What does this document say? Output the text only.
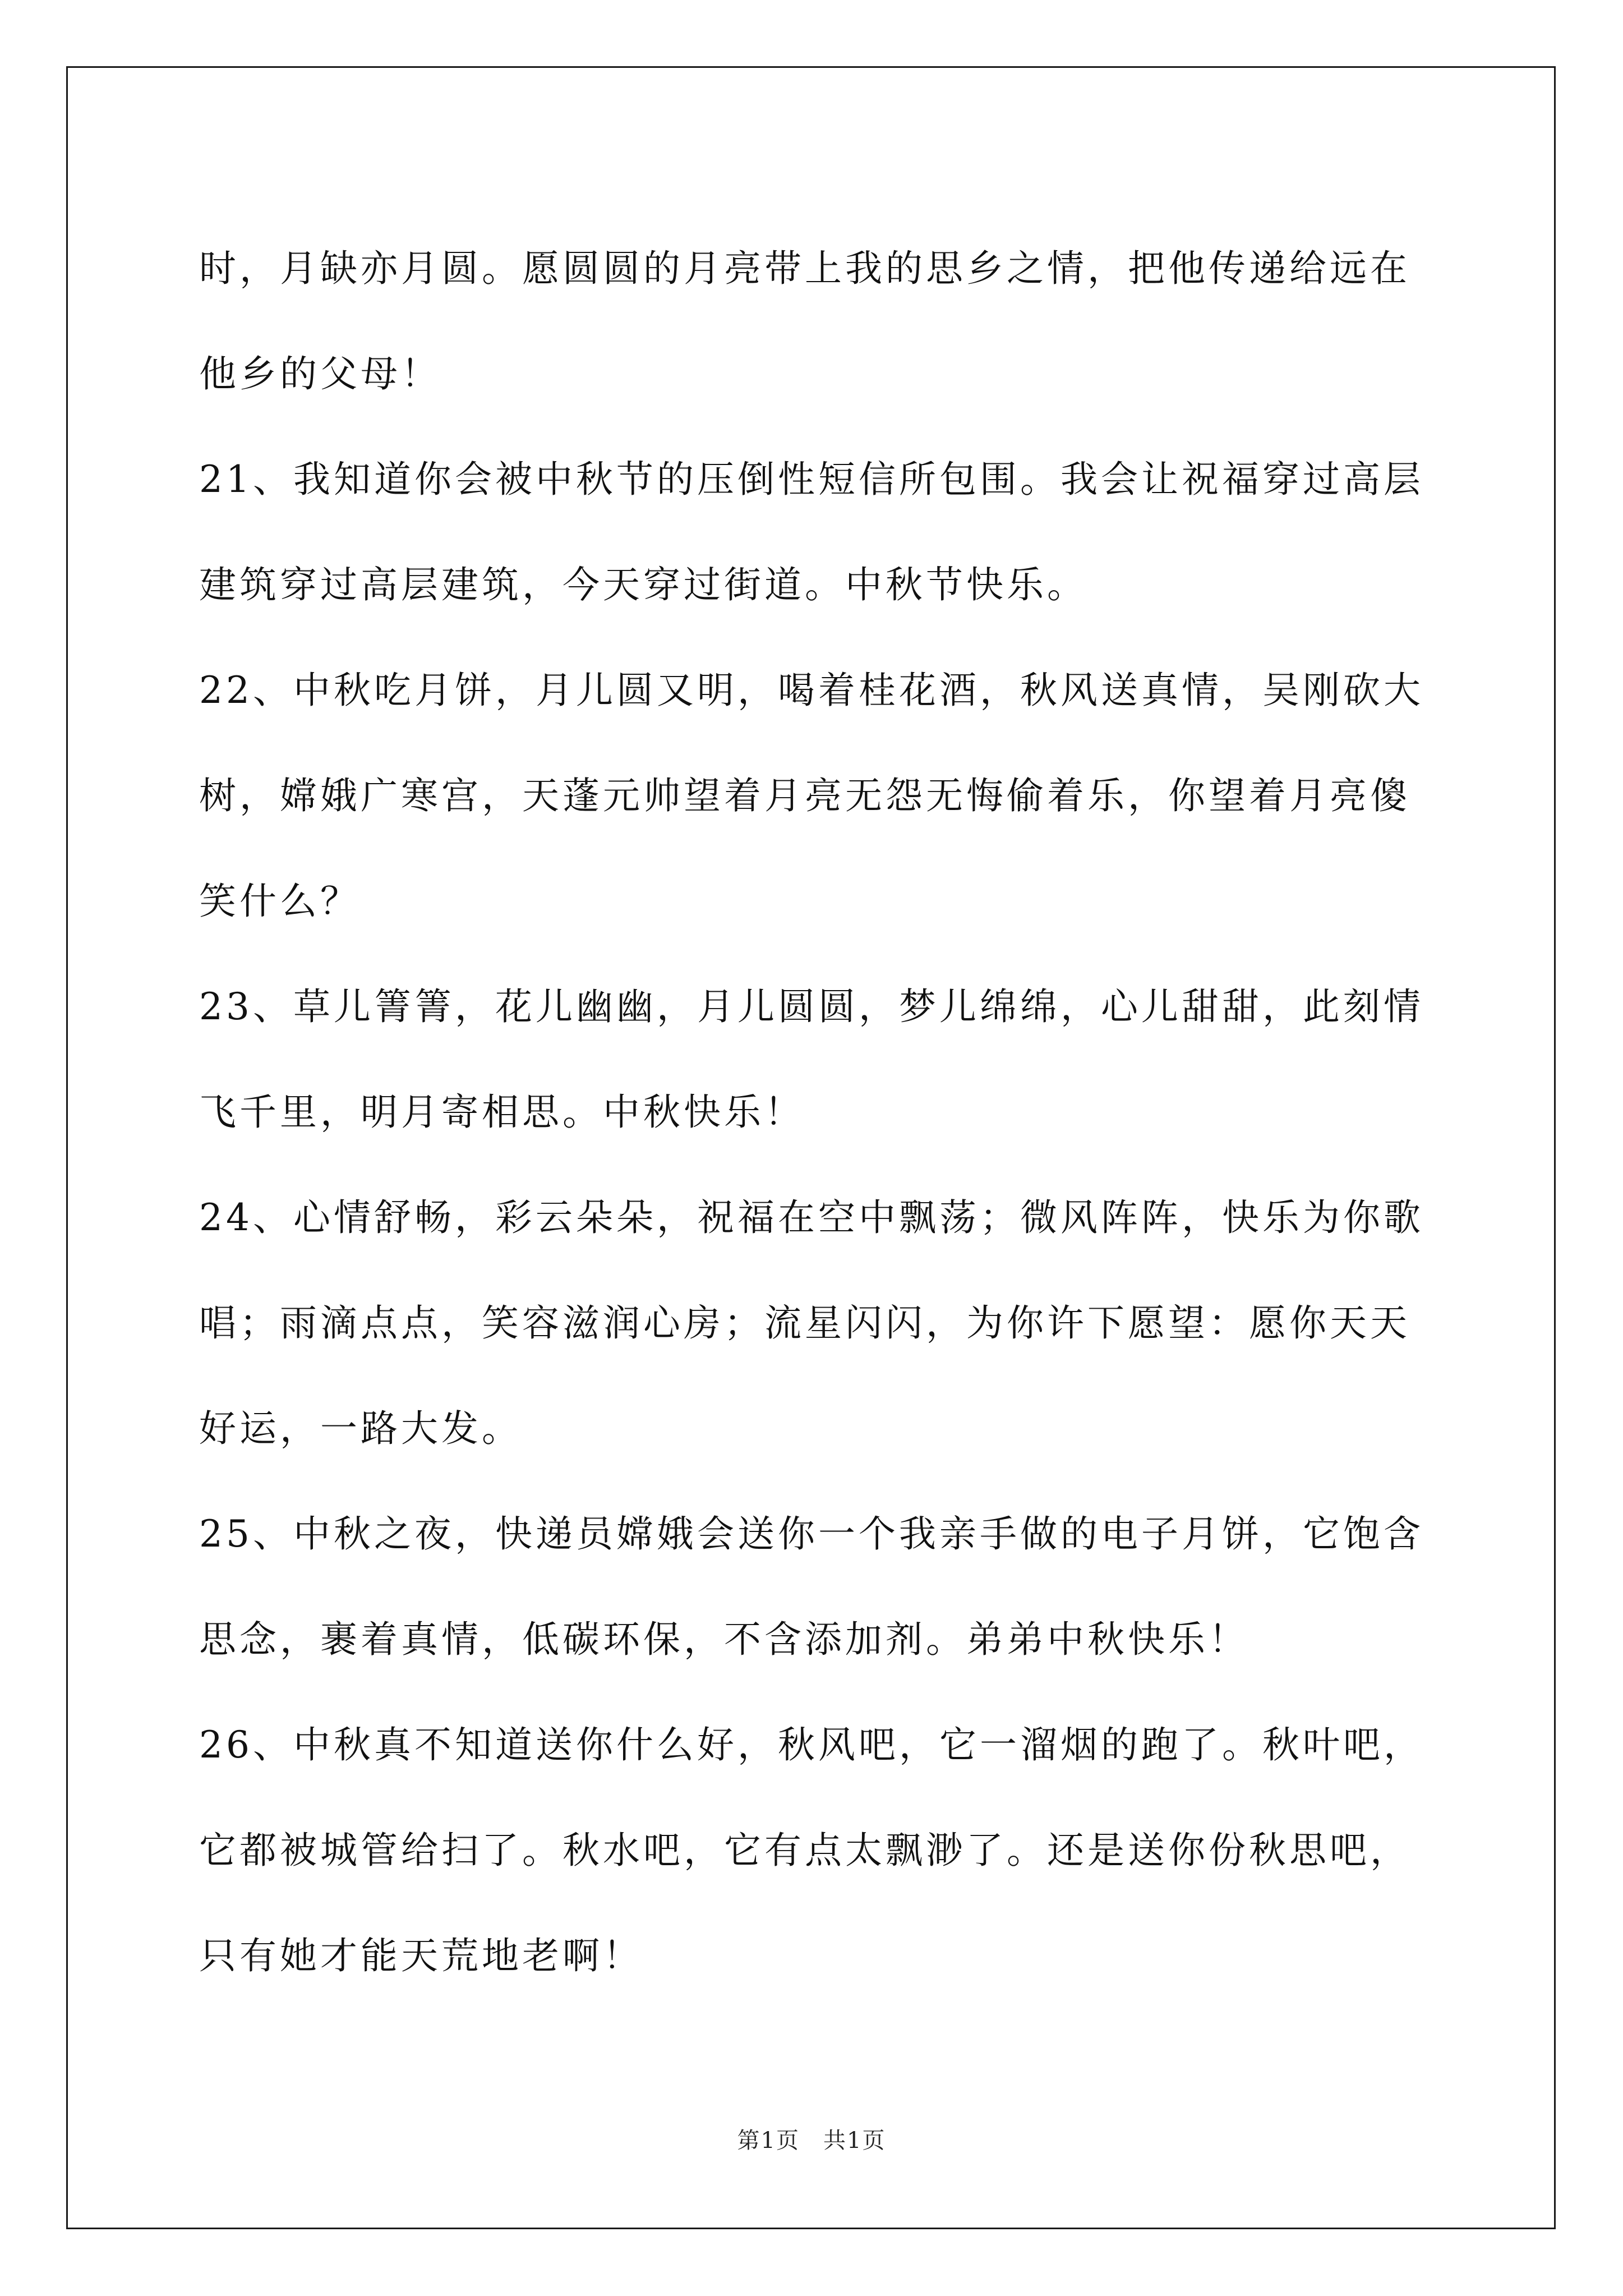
时，月缺亦月圆。愿圆圆的月亮带上我的思乡之情，把他传递给远在他乡的父母！

21、我知道你会被中秋节的压倒性短信所包围。我会让祝福穿过高层建筑穿过高层建筑，今天穿过街道。中秋节快乐。

22、中秋吃月饼，月儿圆又明，喝着桂花酒，秋风送真情，吴刚砍大树，嫦娥广寒宫，天蓬元帅望着月亮无怨无悔偷着乐，你望着月亮傻笑什么？

23、草儿箐箐，花儿幽幽，月儿圆圆，梦儿绵绵，心儿甜甜，此刻情飞千里，明月寄相思。中秋快乐！

24、心情舒畅，彩云朵朵，祝福在空中飘荡；微风阵阵，快乐为你歌唱；雨滴点点，笑容滋润心房；流星闪闪，为你许下愿望：愿你天天好运，一路大发。

25、中秋之夜，快递员嫦娥会送你一个我亲手做的电子月饼，它饱含思念，裹着真情，低碳环保，不含添加剂。弟弟中秋快乐！

26、中秋真不知道送你什么好，秋风吧，它一溜烟的跑了。秋叶吧，它都被城管给扫了。秋水吧，它有点太飘渺了。还是送你份秋思吧，只有她才能天荒地老啊！

第1页　共1页
